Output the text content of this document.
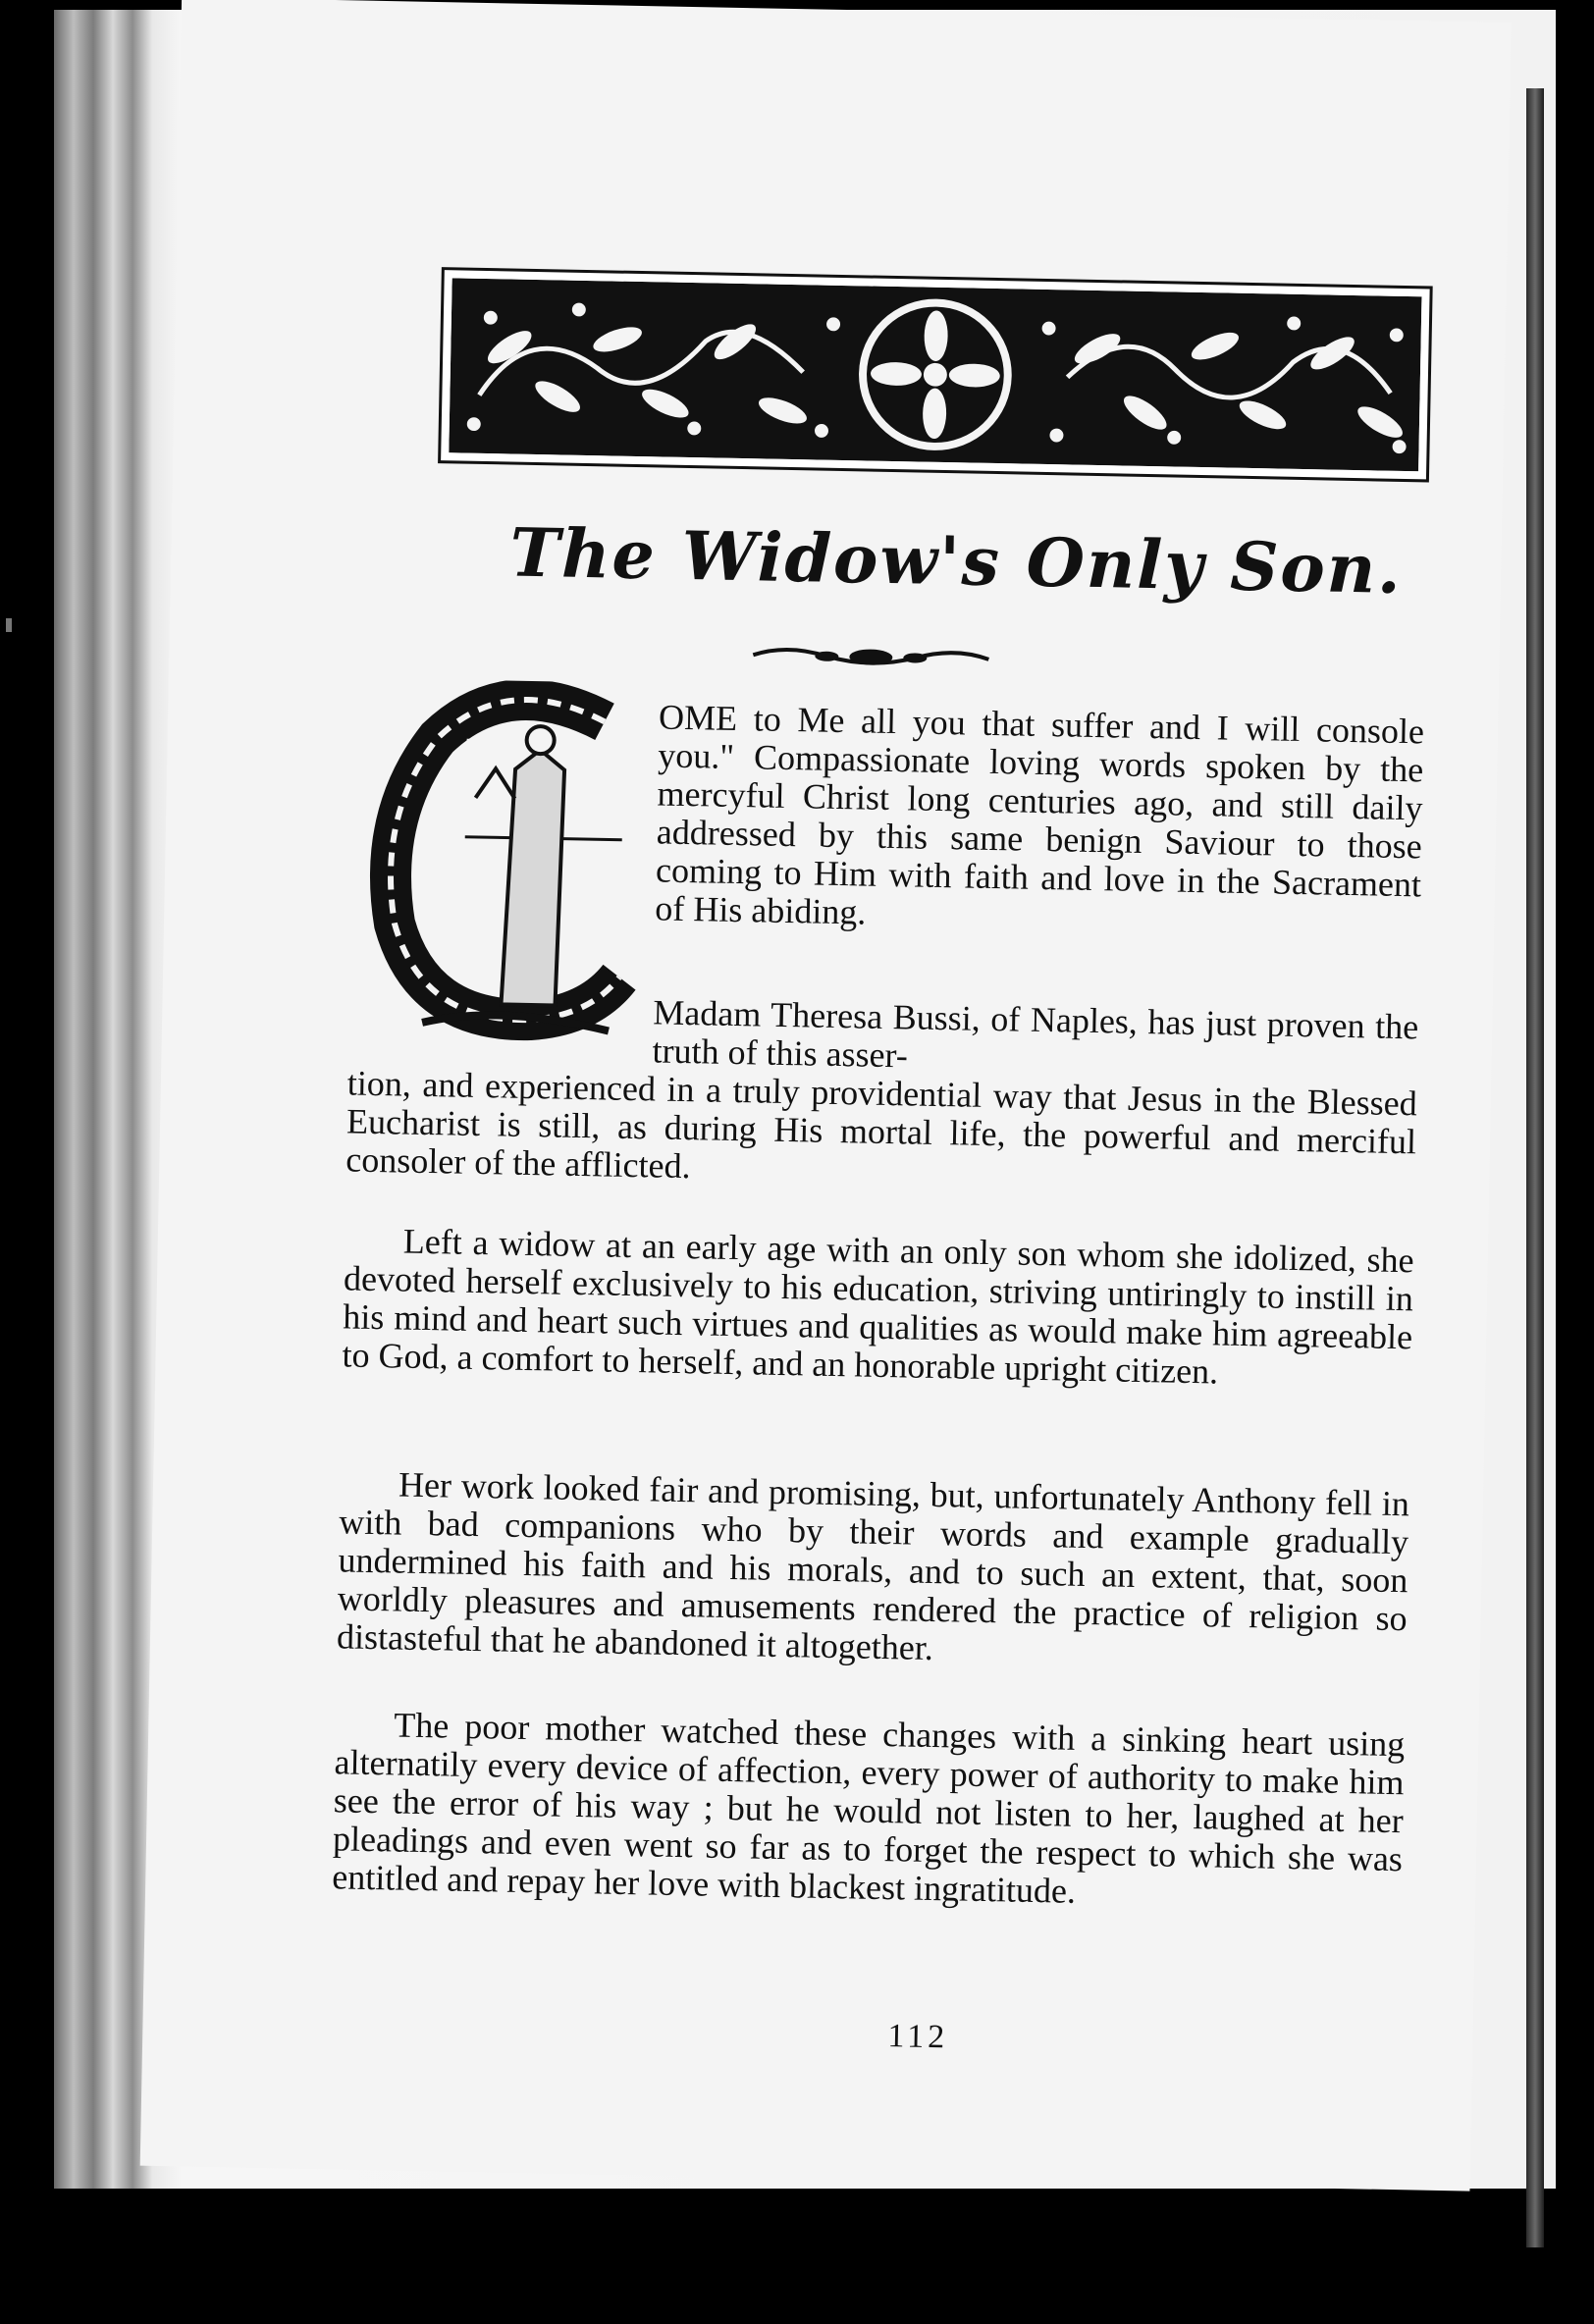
The Widow's Only Son.
OME to Me all you that suffer and I will console you." Compassionate loving words spoken by the mercyful Christ long centuries ago, and still daily addressed by this same benign Saviour to those coming to Him with faith and love in the Sacrament of His abiding.
Madam Theresa Bussi, of Naples, has just proven the truth of this asser-
tion, and experienced in a truly providential way that Jesus in the Blessed Eucharist is still, as during His mortal life, the powerful and merciful consoler of the afflicted.
Left a widow at an early age with an only son whom she idolized, she devoted herself exclusively to his education, striving untiringly to instill in his mind and heart such virtues and qualities as would make him agreeable to God, a comfort to herself, and an honorable upright citizen.
Her work looked fair and promising, but, unfortunately Anthony fell in with bad companions who by their words and example gradually undermined his faith and his morals, and to such an extent, that, soon worldly pleasures and amusements rendered the practice of religion so distasteful that he abandoned it altogether.
The poor mother watched these changes with a sinking heart using alternatily every device of affection, every power of authority to make him see the error of his way ; but he would not listen to her, laughed at her pleadings and even went so far as to forget the respect to which she was entitled and repay her love with blackest ingratitude.
112
